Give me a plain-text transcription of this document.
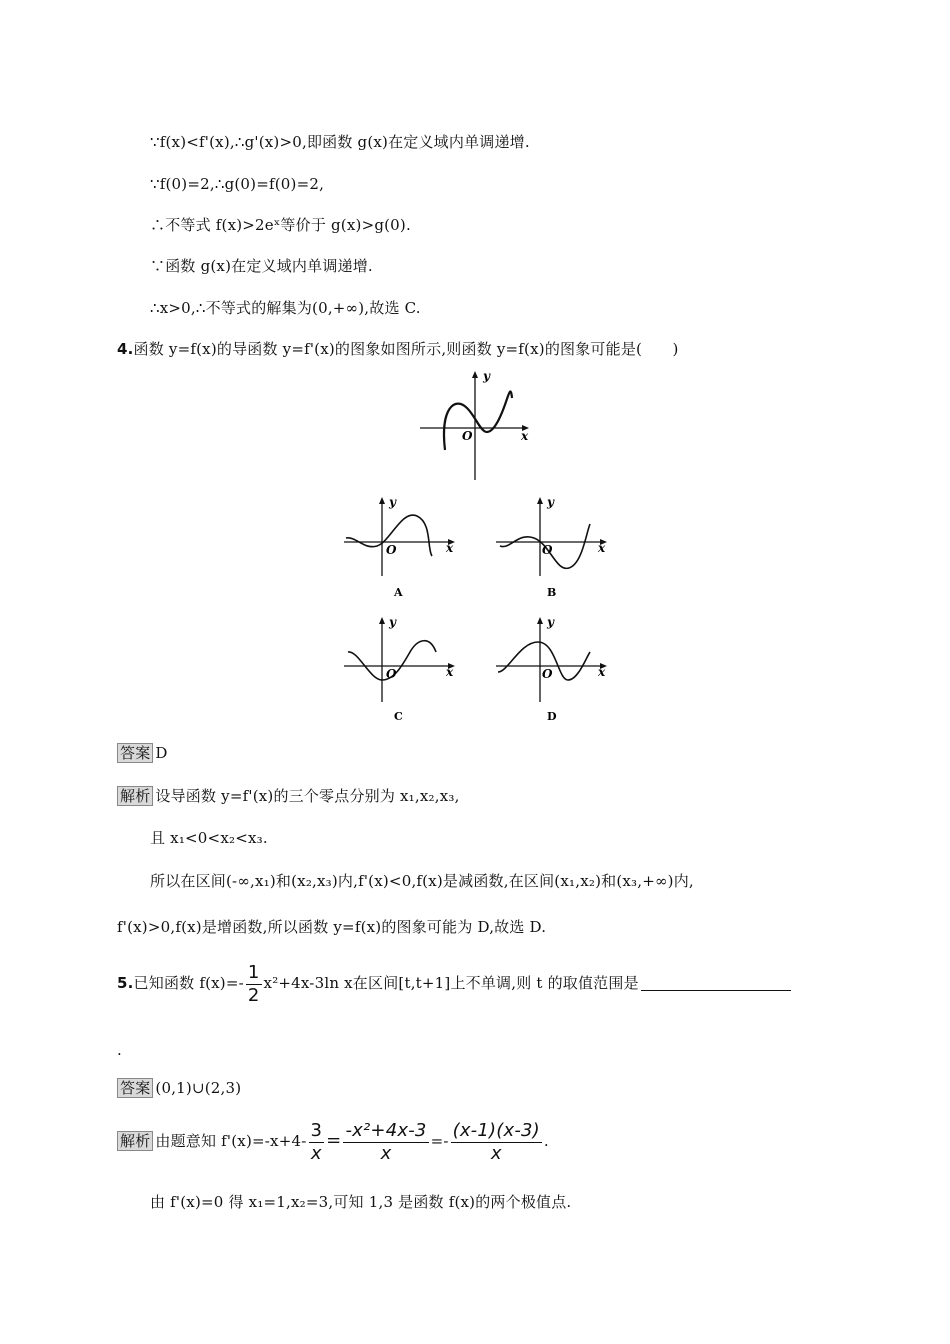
∵f(x)<f'(x),∴g'(x)>0,即函数 g(x)在定义域内单调递增.
∵f(0)=2,∴g(0)=f(0)=2,
∴不等式 f(x)>2eˣ等价于 g(x)>g(0).
∵函数 g(x)在定义域内单调递增.
∴x>0,∴不等式的解集为(0,+∞),故选 C.
4.函数 y=f(x)的导函数 y=f'(x)的图象如图所示,则函数 y=f(x)的图象可能是(　　)
y
x
O
y
x
O
A
y
x
O
B
y
x
O
C
y
x
O
D
答案 D
解析 设导函数 y=f'(x)的三个零点分别为 x₁,x₂,x₃,
且 x₁<0<x₂<x₃.
所以在区间(-∞,x₁)和(x₂,x₃)内,f'(x)<0,f(x)是减函数,在区间(x₁,x₂)和(x₃,+∞)内,
f'(x)>0,f(x)是增函数,所以函数 y=f(x)的图象可能为 D,故选 D.
5.已知函数 $f(x)=- \frac{1}{2} x^2+4x-3\ln$ x在区间[t,t+1]上不单调,则 t 的取值范围是
.
答案 (0,1)∪(2,3)
解析 由题意知 $f'(x)=-x+4- \frac{3}{x} = \frac{\text{-x²+4x-3}}{x} =- \frac{(x-1)(x-3)}{x}$ .
由 f'(x)=0 得 x₁=1,x₂=3,可知 1,3 是函数 f(x)的两个极值点.
